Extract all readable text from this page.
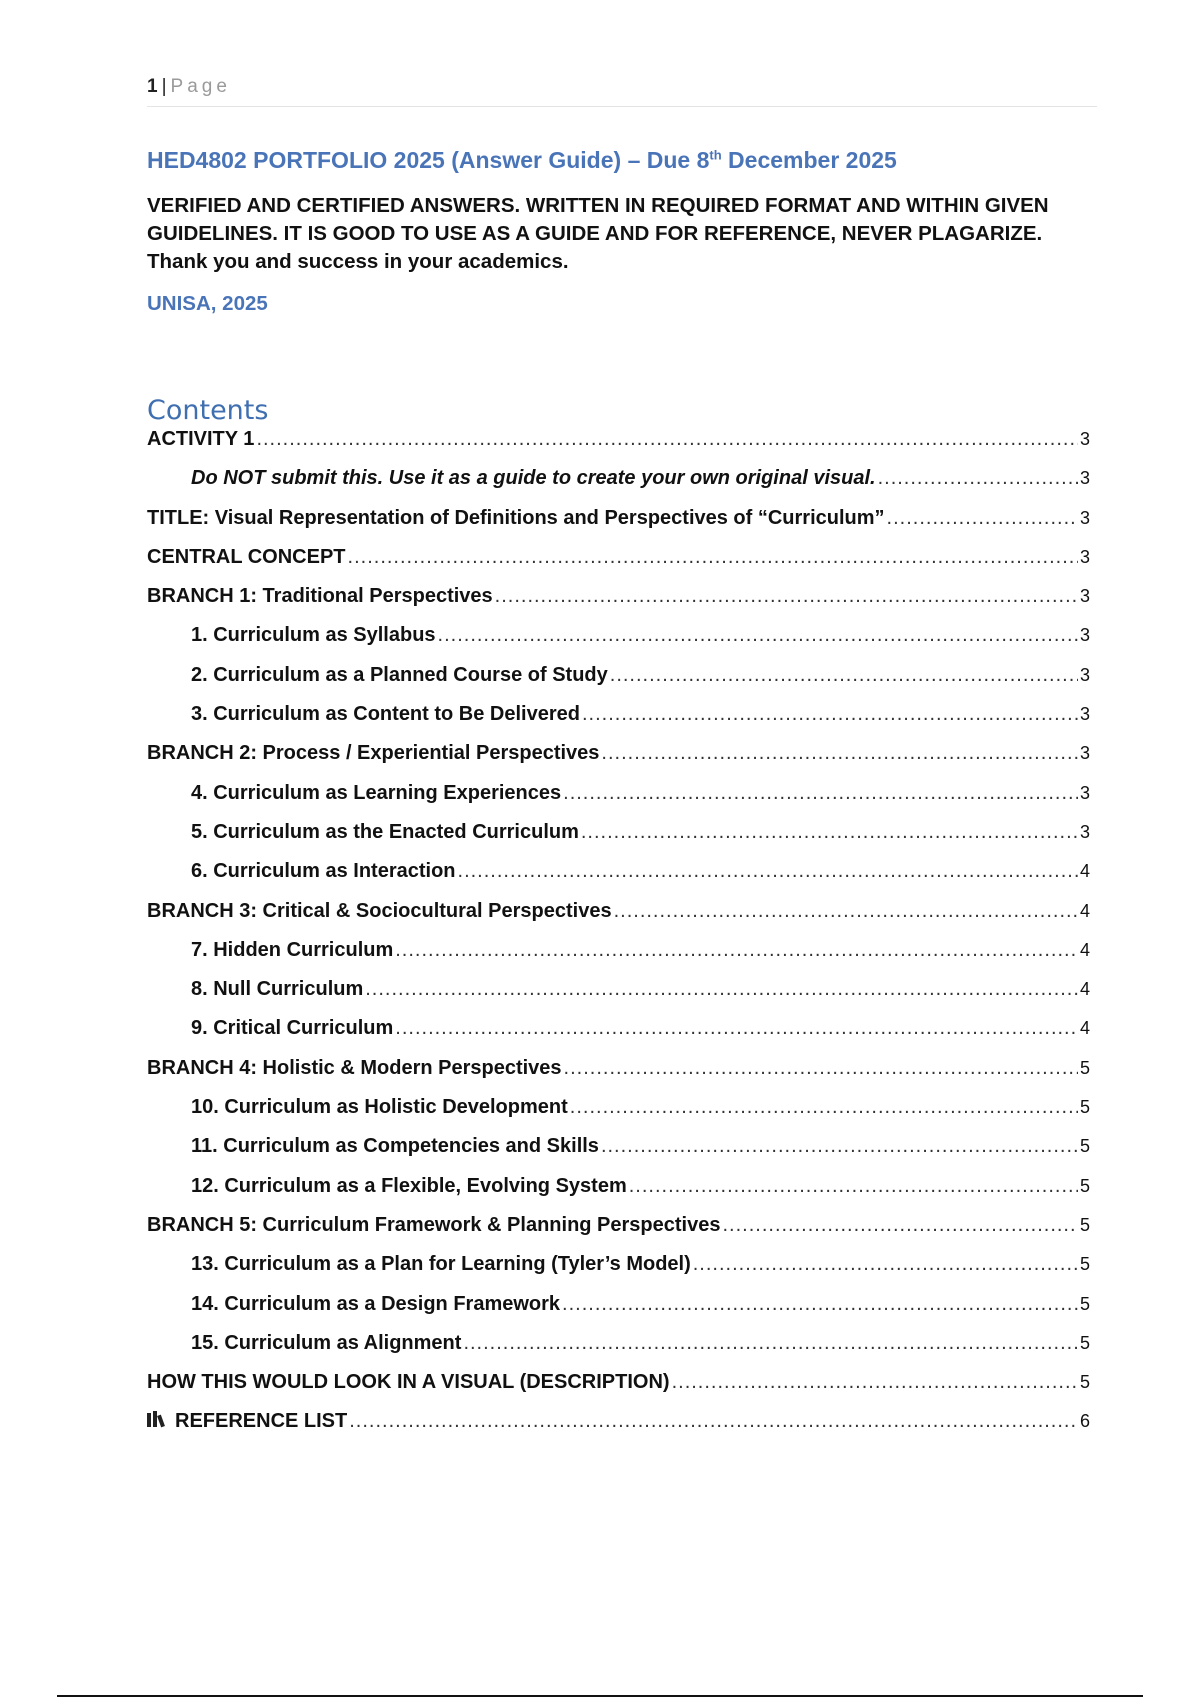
1 | Page
HED4802 PORTFOLIO 2025 (Answer Guide) – Due 8th December 2025
VERIFIED AND CERTIFIED ANSWERS. WRITTEN IN REQUIRED FORMAT AND WITHIN GIVEN GUIDELINES. IT IS GOOD TO USE AS A GUIDE AND FOR REFERENCE, NEVER PLAGARIZE. Thank you and success in your academics.
UNISA, 2025
Contents
ACTIVITY 1 .....	3
Do NOT submit this. Use it as a guide to create your own original visual. .....	3
TITLE: Visual Representation of Definitions and Perspectives of “Curriculum” .....	3
CENTRAL CONCEPT .....	3
BRANCH 1: Traditional Perspectives .....	3
1. Curriculum as Syllabus .....	3
2. Curriculum as a Planned Course of Study .....	3
3. Curriculum as Content to Be Delivered .....	3
BRANCH 2: Process / Experiential Perspectives .....	3
4. Curriculum as Learning Experiences .....	3
5. Curriculum as the Enacted Curriculum .....	3
6. Curriculum as Interaction .....	4
BRANCH 3: Critical & Sociocultural Perspectives .....	4
7. Hidden Curriculum .....	4
8. Null Curriculum .....	4
9. Critical Curriculum .....	4
BRANCH 4: Holistic & Modern Perspectives .....	5
10. Curriculum as Holistic Development .....	5
11. Curriculum as Competencies and Skills .....	5
12. Curriculum as a Flexible, Evolving System .....	5
BRANCH 5: Curriculum Framework & Planning Perspectives .....	5
13. Curriculum as a Plan for Learning (Tyler’s Model) .....	5
14. Curriculum as a Design Framework .....	5
15. Curriculum as Alignment .....	5
HOW THIS WOULD LOOK IN A VISUAL (DESCRIPTION) .....	5
REFERENCE LIST .....	6
